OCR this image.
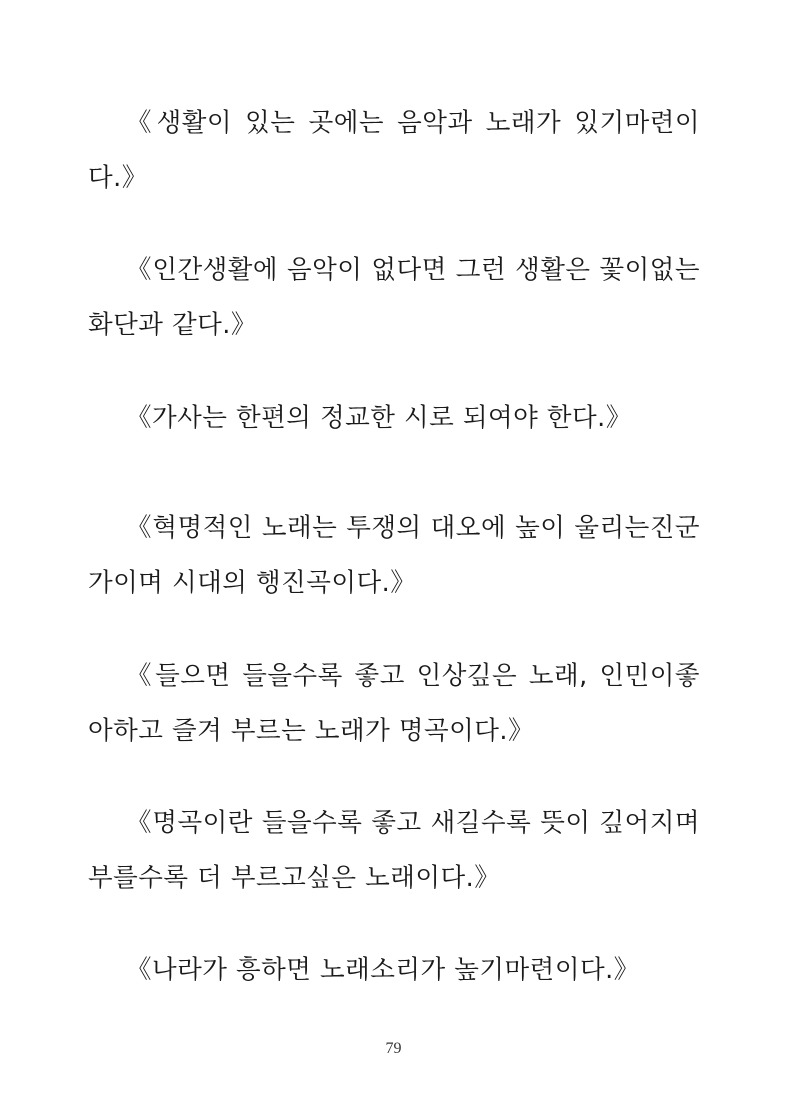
《생활이 있는 곳에는 음악과 노래가 있기마련이다.》

《인간생활에 음악이 없다면 그런 생활은 꽃이없는 화단과 같다.》

《가사는 한편의 정교한 시로 되여야 한다.》

《혁명적인 노래는 투쟁의 대오에 높이 울리는진군가이며 시대의 행진곡이다.》

《들으면 들을수록 좋고 인상깊은 노래, 인민이좋아하고 즐겨 부르는 노래가 명곡이다.》

《명곡이란 들을수록 좋고 새길수록 뜻이 깊어지며 부를수록 더 부르고싶은 노래이다.》

《나라가 흥하면 노래소리가 높기마련이다.》

79
